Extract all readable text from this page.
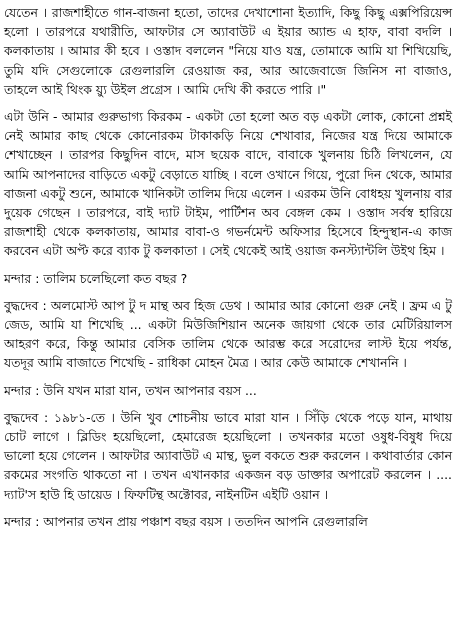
যেতেন । রাজশাহীতে গান-বাজনা হতো, তাদের দেখাশোনা ইত্যাদি, কিছু কিছু এক্সপিরিয়েন্স হলো । তারপরে যথারীতি, আফটার সে অ্যাবাউট এ ইয়ার অ্যান্ড এ হাফ, বাবা বদলি । কলকাতায় । আমার কী হবে । ওস্তাদ বললেন "নিয়ে যাও যন্ত্র, তোমাকে আমি যা শিখিয়েছি, তুমি যদি সেগুলোকে রেগুলারলি রেওয়াজ কর, আর আজেবাজে জিনিস না বাজাও, তাহলে আই থিংক য়্যু উইল প্রগ্রেস । আমি দেখি কী করতে পারি ।"

এটা উনি - আমার গুরুভাগ্য কিরকম - একটা তো হলো অত বড় একটা লোক, কোনো প্রশ্নই নেই আমার কাছ থেকে কোনোরকম টাকাকড়ি নিয়ে শেখাবার, নিজের যন্ত্র দিয়ে আমাকে শেখাচ্ছেন । তারপর কিছুদিন বাদে, মাস ছয়েক বাদে, বাবাকে খুলনায় চিঠি লিখলেন, যে আমি আপনাদের বাড়িতে একটু বেড়াতে যাচ্ছি । বলে ওখানে গিয়ে, পুরো দিন থেকে, আমার বাজনা একটু শুনে, আমাকে খানিকটা তালিম দিয়ে এলেন । এরকম উনি বোধহয় খুলনায় বার দুয়েক গেছেন । তারপরে, বাই দ্যাট টাইম, পার্টিশন অব বেঙ্গল কেম । ওস্তাদ সর্বস্ব হারিয়ে রাজশাহী থেকে কলকাতায়, আমার বাবা-ও গভর্নমেন্ট অফিসার হিসেবে হিন্দুস্থান-এ কাজ করবেন এটা অপ্ট করে ব্যাক টু কলকাতা । সেই থেকেই আই ওয়াজ কনস্ট্যান্টলি উইথ হিম ।

মন্দার : তালিম চলেছিলো কত বছর ?

বুদ্ধদেব : অলমোস্ট আপ টু দ মান্থ অব হিজ ডেথ । আমার আর কোনো গুরু নেই । ফ্রম এ টু জেড, আমি যা শিখেছি ... একটা মিউজিশিয়ান অনেক জায়গা থেকে তার মেটিরিয়ালস আহরণ করে, কিন্তু আমার বেসিক তালিম থেকে আরম্ভ করে সরোদের লাস্ট ইয়ে পর্যন্ত, যতদূর আমি বাজাতে শিখেছি - রাধিকা মোহন মৈত্র । আর কেউ আমাকে শেখাননি ।

মন্দার : উনি যখন মারা যান, তখন আপনার বয়স ...

বুদ্ধদেব : ১৯৮১-তে । উনি খুব শোচনীয় ভাবে মারা যান । সিঁড়ি থেকে পড়ে যান, মাথায় চোট লাগে । ব্লিডিং হয়েছিলো, হেমারেজ হয়েছিলো । তখনকার মতো ওষুধ-বিষুধ দিয়ে ভালো হয়ে গেলেন । আফটার অ্যাবাউট এ মান্থ, ভুল বকতে শুরু করলেন । কথাবার্তার কোন রকমের সংগতি থাকতো না । তখন এখানকার একজন বড় ডাক্তার অপারেট করলেন । .... দ্যাট'স হাউ হি ডায়েড । ফিফটিন্থ অক্টোবর, নাইনটিন এইটি ওয়ান ।

মন্দার : আপনার তখন প্রায় পঞ্চাশ বছর বয়স । ততদিন আপনি রেগুলারলি
